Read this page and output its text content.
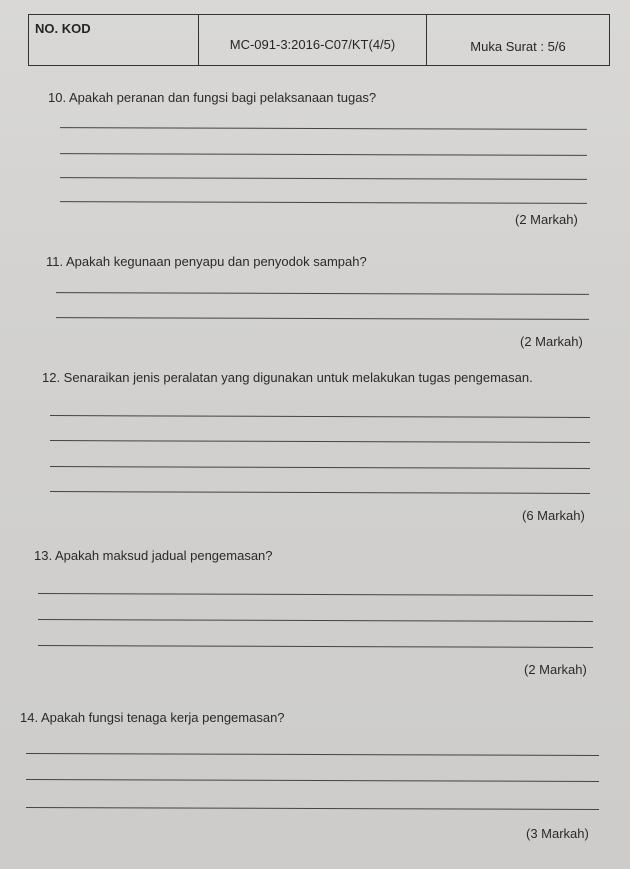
NO. KOD
MC-091-3:2016-C07/KT(4/5)	Muka Surat : 5/6
10. Apakah peranan dan fungsi bagi pelaksanaan tugas?
(2 Markah)
11. Apakah kegunaan penyapu dan penyodok sampah?
(2 Markah)
12. Senaraikan jenis peralatan yang digunakan untuk melakukan tugas pengemasan.
(6 Markah)
13. Apakah maksud jadual pengemasan?
(2 Markah)
14. Apakah fungsi tenaga kerja pengemasan?
(3 Markah)
